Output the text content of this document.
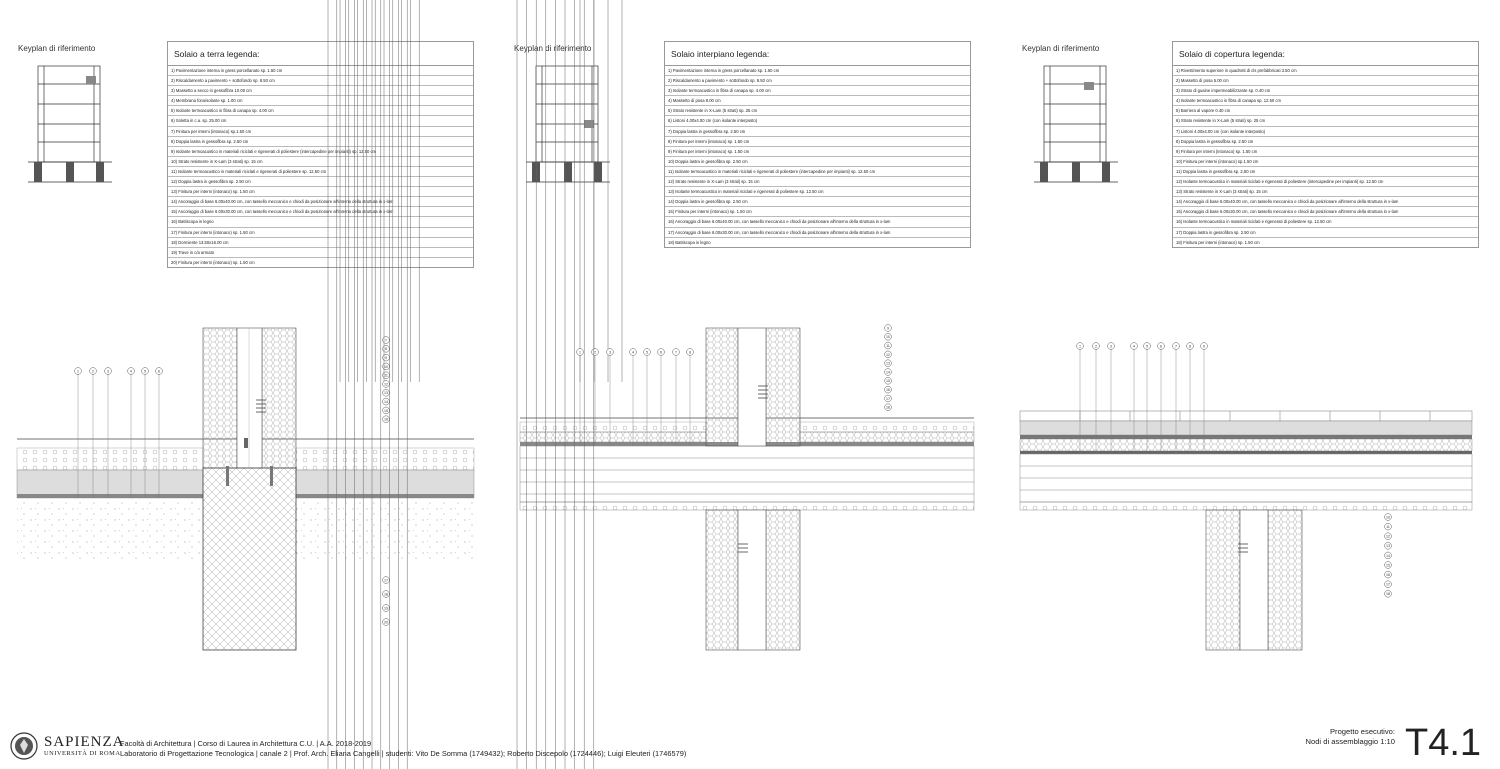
Keyplan di riferimento	Keyplan di riferimento	Keyplan di riferimento
Solaio a terra legenda:
1) Pavimentazione interna in gress porcellanato sp. 1.50 cm
2) Riscaldamento a pavimento + sottofondo sp. 8.50 cm
3) Massetto a secco in gessofibra 10.00 cm
4) Membrana fonoisolante sp. 1.00 cm
5) Isolante termoacustico in fibra di canapa sp. 4.00 cm
6) Soletta in c.a. sp. 25.00 cm
7) Finitura per interni (intonaco) sp.1.50 cm
8) Doppia lastra in gessofibra sp. 2.50 cm
9) Isolante termoacustico in materiali riciclati e rigenerati di poliestere (intercapedine per impianti) sp. 12.50 cm
10) Strato resistente in X-Lam (3 strati) sp. 15 cm
11) Isolante termoacustico in materiali riciclati e rigenerati di poliestere sp. 12.50 cm
12) Doppia lastra in gessofibra sp. 2.50 cm
13) Finitura per interni (intonaco) sp. 1.50 cm
14) Ancoraggio di base 6.00x40.00 cm, con tassello meccanico e chiodi da posizionare all'interno della struttura in x-lam
15) Ancoraggio di base 6.00x30.00 cm, con tassello meccanico e chiodi da posizionare all'interno della struttura in x-lam
16) Battiscopa in legno
17) Finitura per interni (intonaco) sp. 1.50 cm
18) Dormiente 13.50x16.00 cm
19) Trave in c/a armato
20) Finitura per interni (intonaco) sp. 1.50 cm
Solaio interpiano legenda:
1) Pavimentazione interna in gress porcellanato sp. 1.50 cm
2) Riscaldamento a pavimento + sottofondo sp. 8.50 cm
3) Isolante termoacustico in fibra di canapa sp. 4.00 cm
4) Massetto di posa 8.00 cm
5) Strato resistente in X-Lam (5 strati) sp. 25 cm
6) Listoni 4.00x4.00 cm (con isolante interposto)
7) Doppia lastra in gessofibra sp. 2.50 cm
8) Finitura per interni (intonaco) sp. 1.50 cm
9) Finitura per interni (intonaco) sp. 1.50 cm
10) Doppia lastra in gessofibra sp. 2.50 cm
11) Isolante termoacustico in materiali riciclati e rigenerati di poliestere (intercapedine per impianti) sp. 12.50 cm
12) Strato resistente in X-Lam (3 strati) sp. 15 cm
13) Isolante termoacustico in materiali riciclati e rigenerati di poliestere sp. 12.50 cm
14) Doppia lastra in gessofibra sp. 2.50 cm
15) Finitura per interni (intonaco) sp. 1.50 cm
16) Ancoraggio di base 6.00x40.00 cm, con tassello meccanico e chiodi da posizionare all'interno della struttura in x-lam
17) Ancoraggio di base 6.00x30.00 cm, con tassello meccanico e chiodi da posizionare all'interno della struttura in x-lam
18) Battiscopa in legno
Solaio di copertura legenda:
1) Rivestimento superiore in quadrotti di cls prefabbricati 3.50 cm
2) Massetto di posa 5.00 cm
3) Strato di guaine impermeabilizzante sp. 0.40 cm
4) Isolante termoacustico in fibra di canapa sp. 12.50 cm
5) Barriera al vapore 0.40 cm
6) Strato resistente in X-Lam (5 strati) sp. 25 cm
7) Listoni 4.00x4.00 cm (con isolante interposto)
8) Doppia lastra in gessofibra sp. 2.50 cm
9) Finitura per interni (intonaco) sp. 1.50 cm
10) Finitura per interni (intonaco) sp.1.50 cm
11) Doppia lastra in gessofibra sp. 2.50 cm
12) Isolante termoacustico in materiali riciclati e rigenerati di poliestere (intercapedine per impianti) sp. 12.50 cm
13) Strato resistente in X-Lam (3 strati) sp. 15 cm
14) Ancoraggio di base 6.00x40.00 cm, con tassello meccanico e chiodi da posizionare all'interno della struttura in x-lam
15) Ancoraggio di base 6.00x30.00 cm, con tassello meccanico e chiodi da posizionare all'interno della struttura in x-lam
16) Isolante termoacustico in materiali riciclati e rigenerati di poliestere sp. 12.50 cm
17) Doppia lastra in gessofibra sp. 2.50 cm
18) Finitura per interni (intonaco) sp. 1.50 cm
1	2	3	4	5	6
7
8
9
10
11
12
13
14
15
16
17
18
19
20
1	2	3	4	5	6	7	8
9
10
11
12
13
14
15
16
17
18
1	2	3	4	5	6	7	8	9
10
11
12
13
14
15
16
17
18
SAPIENZA
UNIVERSITÀ DI ROMA
Facoltà di Architettura | Corso di Laurea in Architettura C.U. | A.A. 2018-2019
Laboratorio di Progettazione Tecnologica | canale 2 | Prof. Arch. Eliana Cangelli | studenti: Vito De Somma (1749432); Roberto Discepolo (1724446); Luigi Eleuteri (1746579)
Progetto esecutivo:
Nodi di assemblaggio 1:10 T4.1
